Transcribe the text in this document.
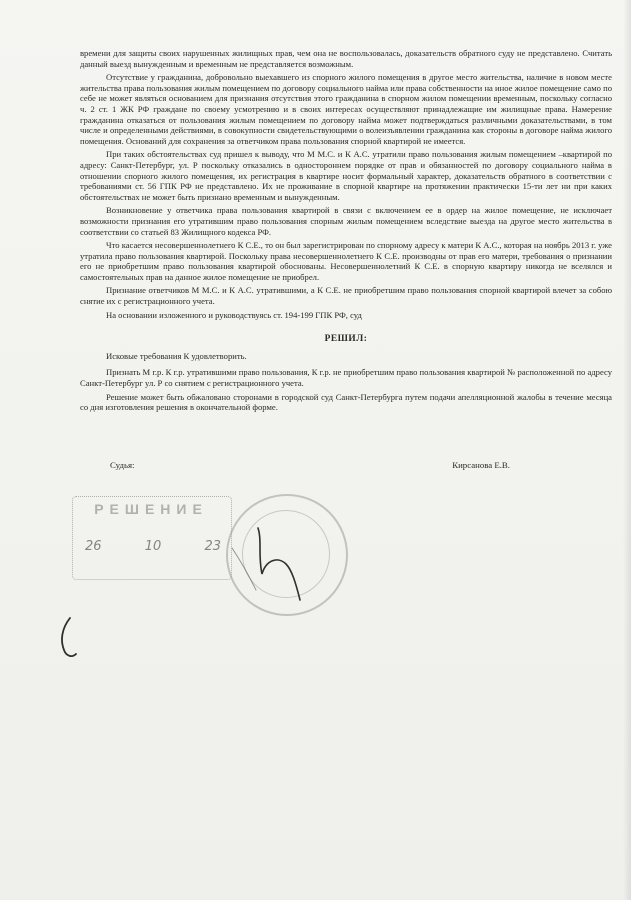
времени для защиты своих нарушенных жилищных прав, чем она не воспользовалась, доказательств обратного суду не представлено. Считать данный выезд вынужденным и временным не представляется возможным.

Отсутствие у гражданина, добровольно выехавшего из спорного жилого помещения в другое место жительства, наличие в новом месте жительства права пользования жилым помещением по договору социального найма или права собственности на иное жилое помещение само по себе не может являться основанием для признания отсутствия этого гражданина в спорном жилом помещении временным, поскольку согласно ч. 2 ст. 1 ЖК РФ граждане по своему усмотрению и в своих интересах осуществляют принадлежащие им жилищные права. Намерение гражданина отказаться от пользования жилым помещением по договору найма может подтверждаться различными доказательствами, в том числе и определенными действиями, в совокупности свидетельствующими о волеизъявлении гражданина как стороны в договоре найма жилого помещения. Оснований для сохранения за ответчиком права пользования спорной квартирой не имеется.

При таких обстоятельствах суд пришел к выводу, что М М.С. и К А.С. утратили право пользования жилым помещением –квартирой по адресу: Санкт-Петербург, ул. Р поскольку отказались в одностороннем порядке от прав и обязанностей по договору социального найма в отношении спорного жилого помещения, их регистрация в квартире носит формальный характер, доказательств обратного в соответствии с требованиями ст. 56 ГПК РФ не представлено. Их не проживание в спорной квартире на протяжении практически 15-ти лет ни при каких обстоятельствах не может быть признано временным и вынужденным.

Возникновение у ответчика права пользования квартирой в связи с включением ее в ордер на жилое помещение, не исключает возможности признания его утратившим право пользования спорным жилым помещением вследствие выезда на другое место жительства в соответствии со статьей 83 Жилищного кодекса РФ.

Что касается несовершеннолетнего К С.Е., то он был зарегистрирован по спорному адресу к матери К А.С., которая на ноябрь 2013 г. уже утратила право пользования квартирой. Поскольку права несовершеннолетнего К С.Е. производны от прав его матери, требования о признании его не приобретшим право пользования квартирой обоснованы. Несовершеннолетний К С.Е. в спорную квартиру никогда не вселялся и самостоятельных прав на данное жилое помещение не приобрел.

Признание ответчиков М М.С. и К А.С. утратившими, а К С.Е. не приобретшим право пользования спорной квартирой влечет за собою снятие их с регистрационного учета.

На основании изложенного и руководствуясь ст. 194-199 ГПК РФ, суд

РЕШИЛ:

Исковые требования К удовлетворить.

Признать М г.р. К г.р. утратившими право пользования, К г.р. не приобретшим право пользования квартирой № расположенной по адресу Санкт-Петербург ул. Р со снятием с регистрационного учета.

Решение может быть обжаловано сторонами в городской суд Санкт-Петербурга путем подачи апелляционной жалобы в течение месяца со дня изготовления решения в окончательной форме.

Судья:	Кирсанова Е.В.
РЕШЕНИЕ
26	10	23
